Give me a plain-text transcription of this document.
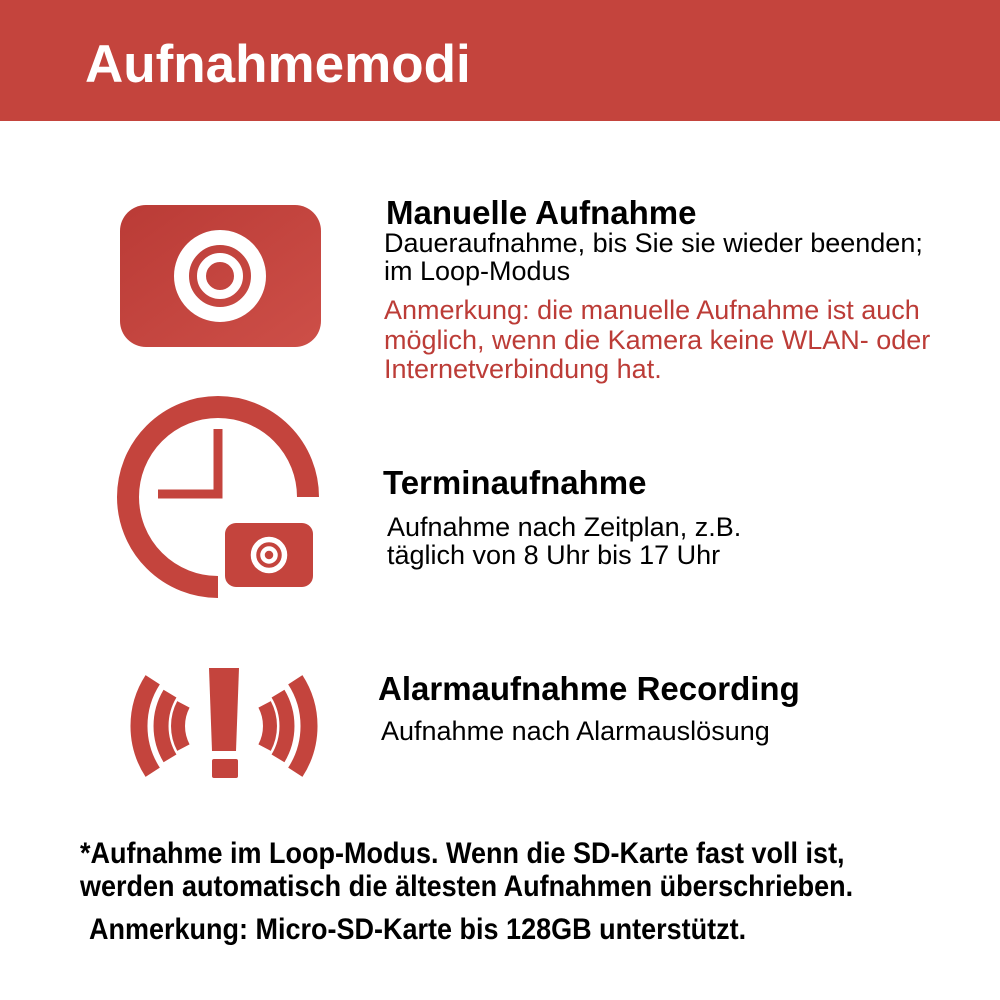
Aufnahmemodi
Manuelle Aufnahme
Daueraufnahme, bis Sie sie wieder beenden;
im Loop-Modus
Anmerkung: die manuelle Aufnahme ist auch
möglich, wenn die Kamera keine WLAN- oder
Internetverbindung hat.
Terminaufnahme
Aufnahme nach Zeitplan, z.B.
täglich von 8 Uhr bis 17 Uhr
Alarmaufnahme Recording
Aufnahme nach Alarmauslösung
*Aufnahme im Loop-Modus. Wenn die SD-Karte fast voll ist,
werden automatisch die ältesten Aufnahmen überschrieben.
Anmerkung: Micro-SD-Karte bis 128GB unterstützt.
